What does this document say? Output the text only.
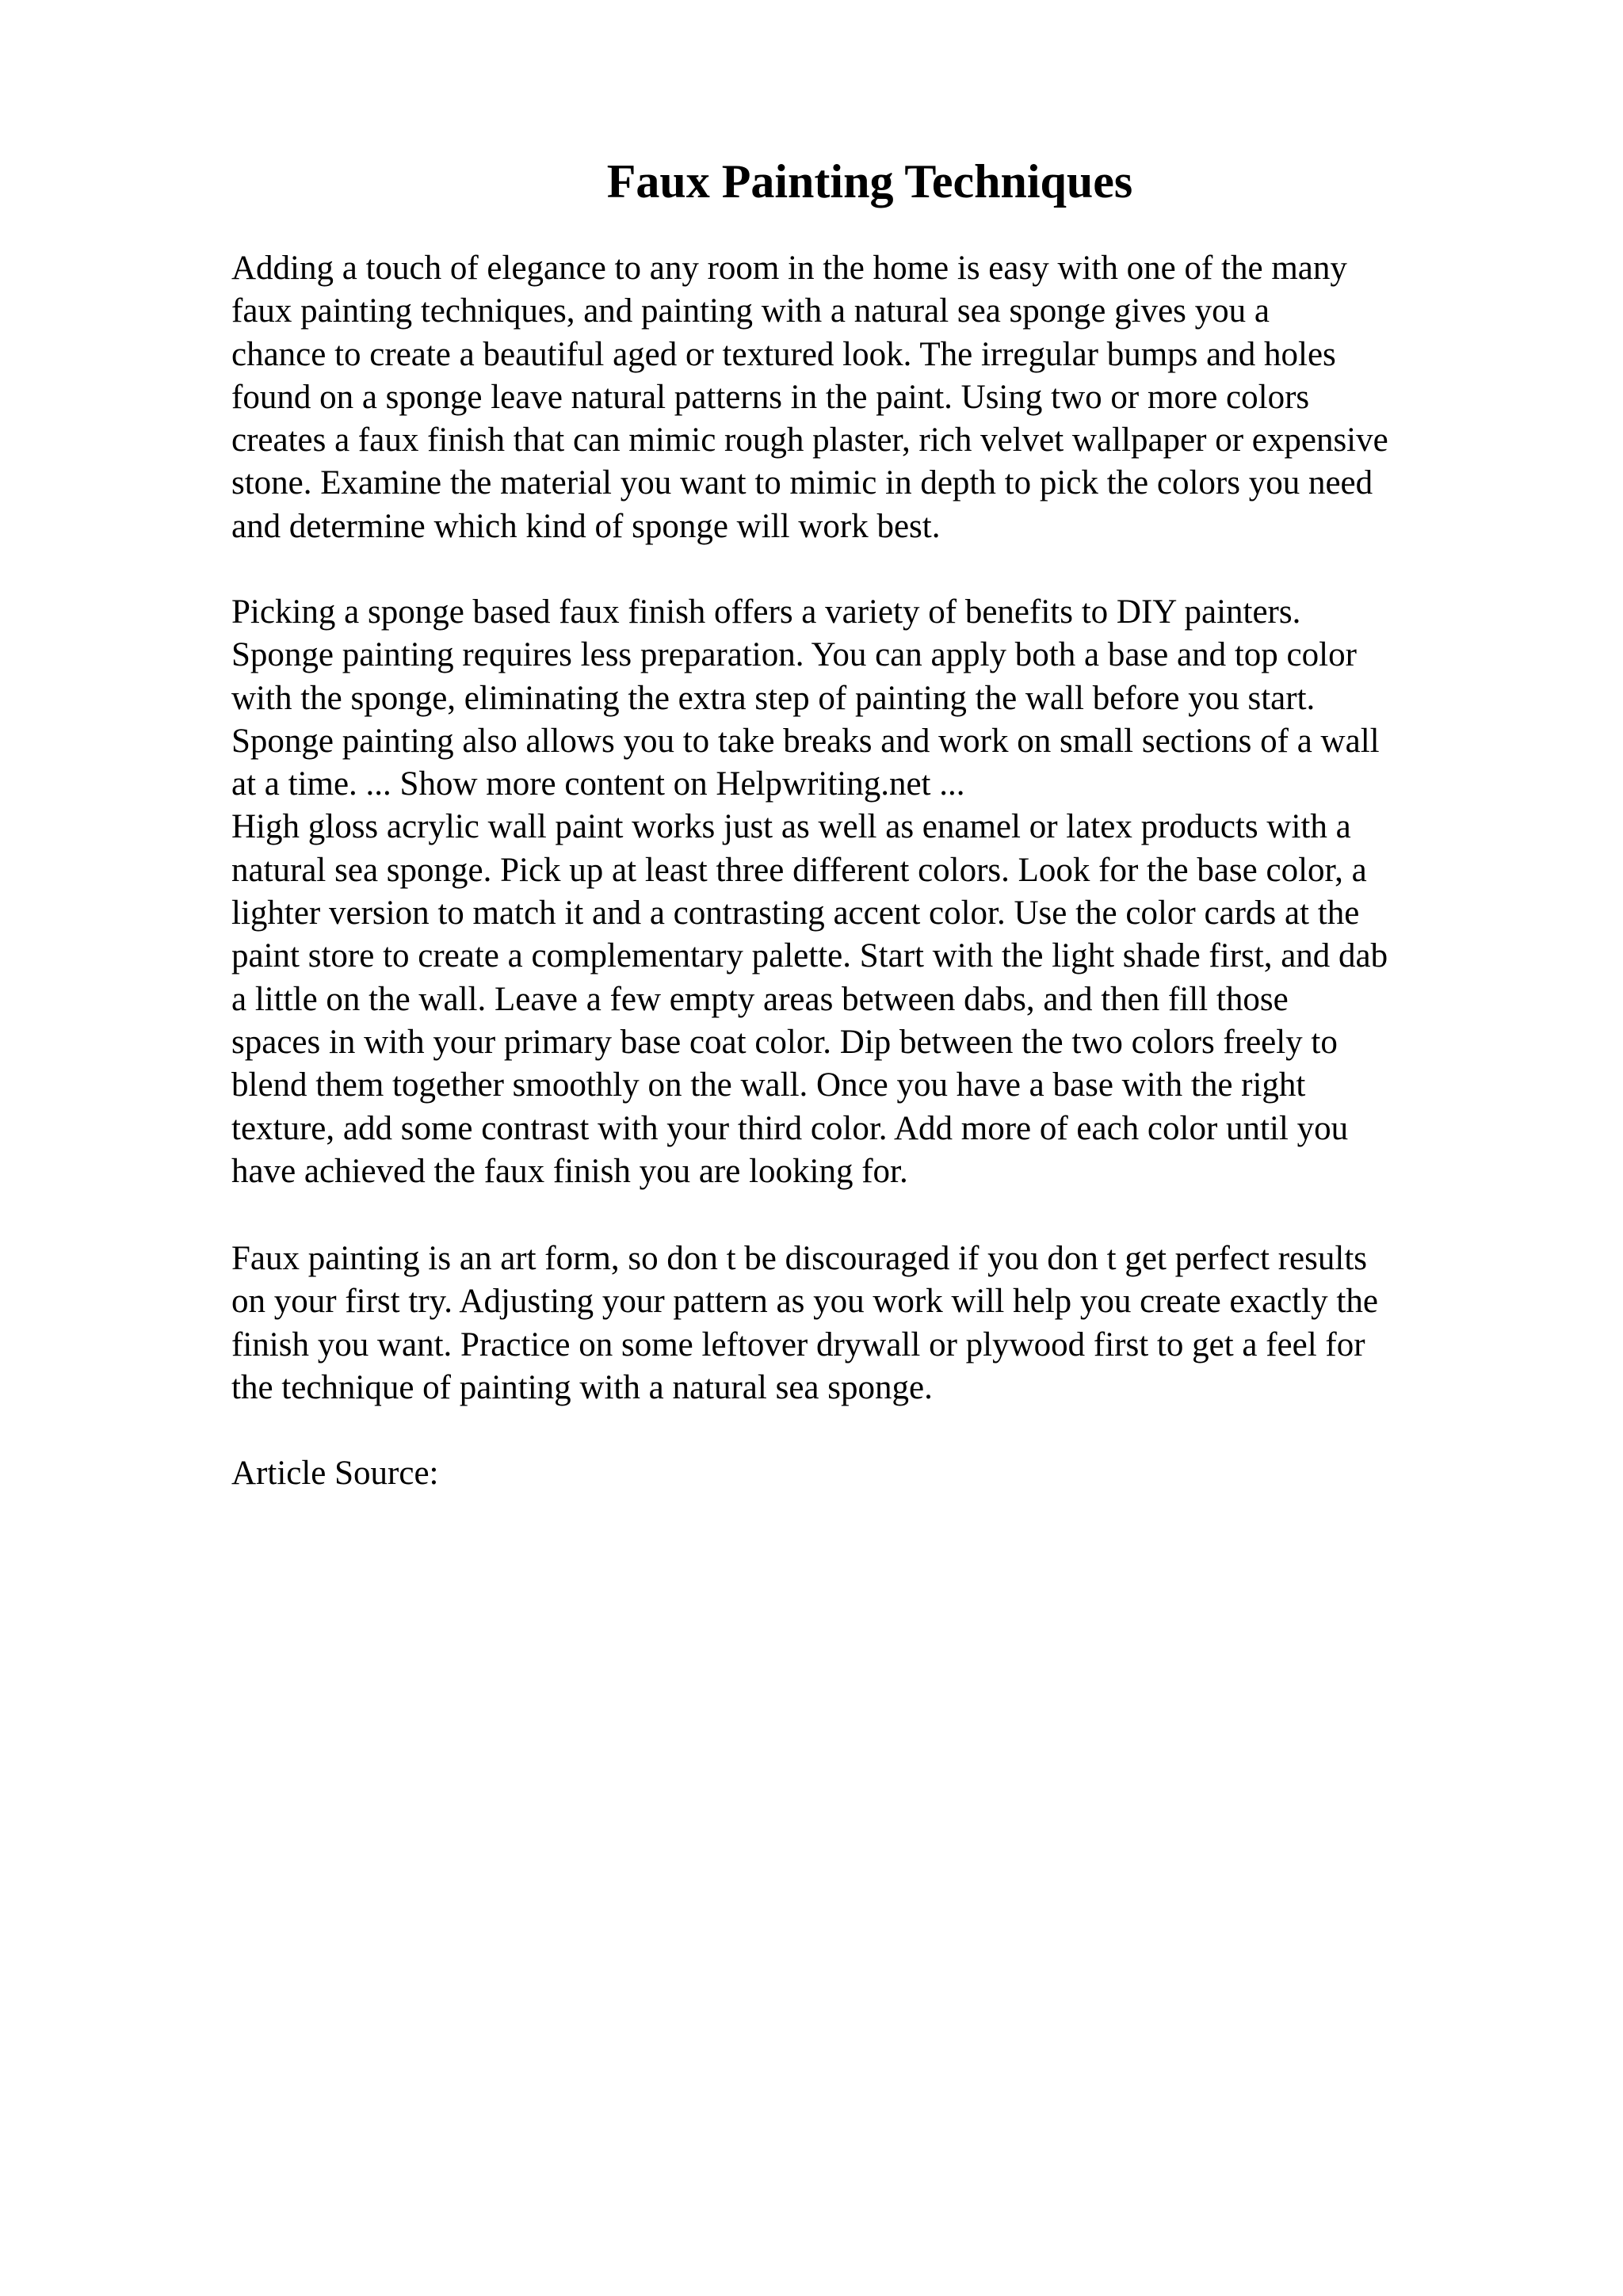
Faux Painting Techniques
Adding a touch of elegance to any room in the home is easy with one of the many
faux painting techniques, and painting with a natural sea sponge gives you a
chance to create a beautiful aged or textured look. The irregular bumps and holes
found on a sponge leave natural patterns in the paint. Using two or more colors
creates a faux finish that can mimic rough plaster, rich velvet wallpaper or expensive
stone. Examine the material you want to mimic in depth to pick the colors you need
and determine which kind of sponge will work best.
Picking a sponge based faux finish offers a variety of benefits to DIY painters.
Sponge painting requires less preparation. You can apply both a base and top color
with the sponge, eliminating the extra step of painting the wall before you start.
Sponge painting also allows you to take breaks and work on small sections of a wall
at a time. ... Show more content on Helpwriting.net ...
High gloss acrylic wall paint works just as well as enamel or latex products with a
natural sea sponge. Pick up at least three different colors. Look for the base color, a
lighter version to match it and a contrasting accent color. Use the color cards at the
paint store to create a complementary palette. Start with the light shade first, and dab
a little on the wall. Leave a few empty areas between dabs, and then fill those
spaces in with your primary base coat color. Dip between the two colors freely to
blend them together smoothly on the wall. Once you have a base with the right
texture, add some contrast with your third color. Add more of each color until you
have achieved the faux finish you are looking for.
Faux painting is an art form, so don t be discouraged if you don t get perfect results
on your first try. Adjusting your pattern as you work will help you create exactly the
finish you want. Practice on some leftover drywall or plywood first to get a feel for
the technique of painting with a natural sea sponge.
Article Source:
